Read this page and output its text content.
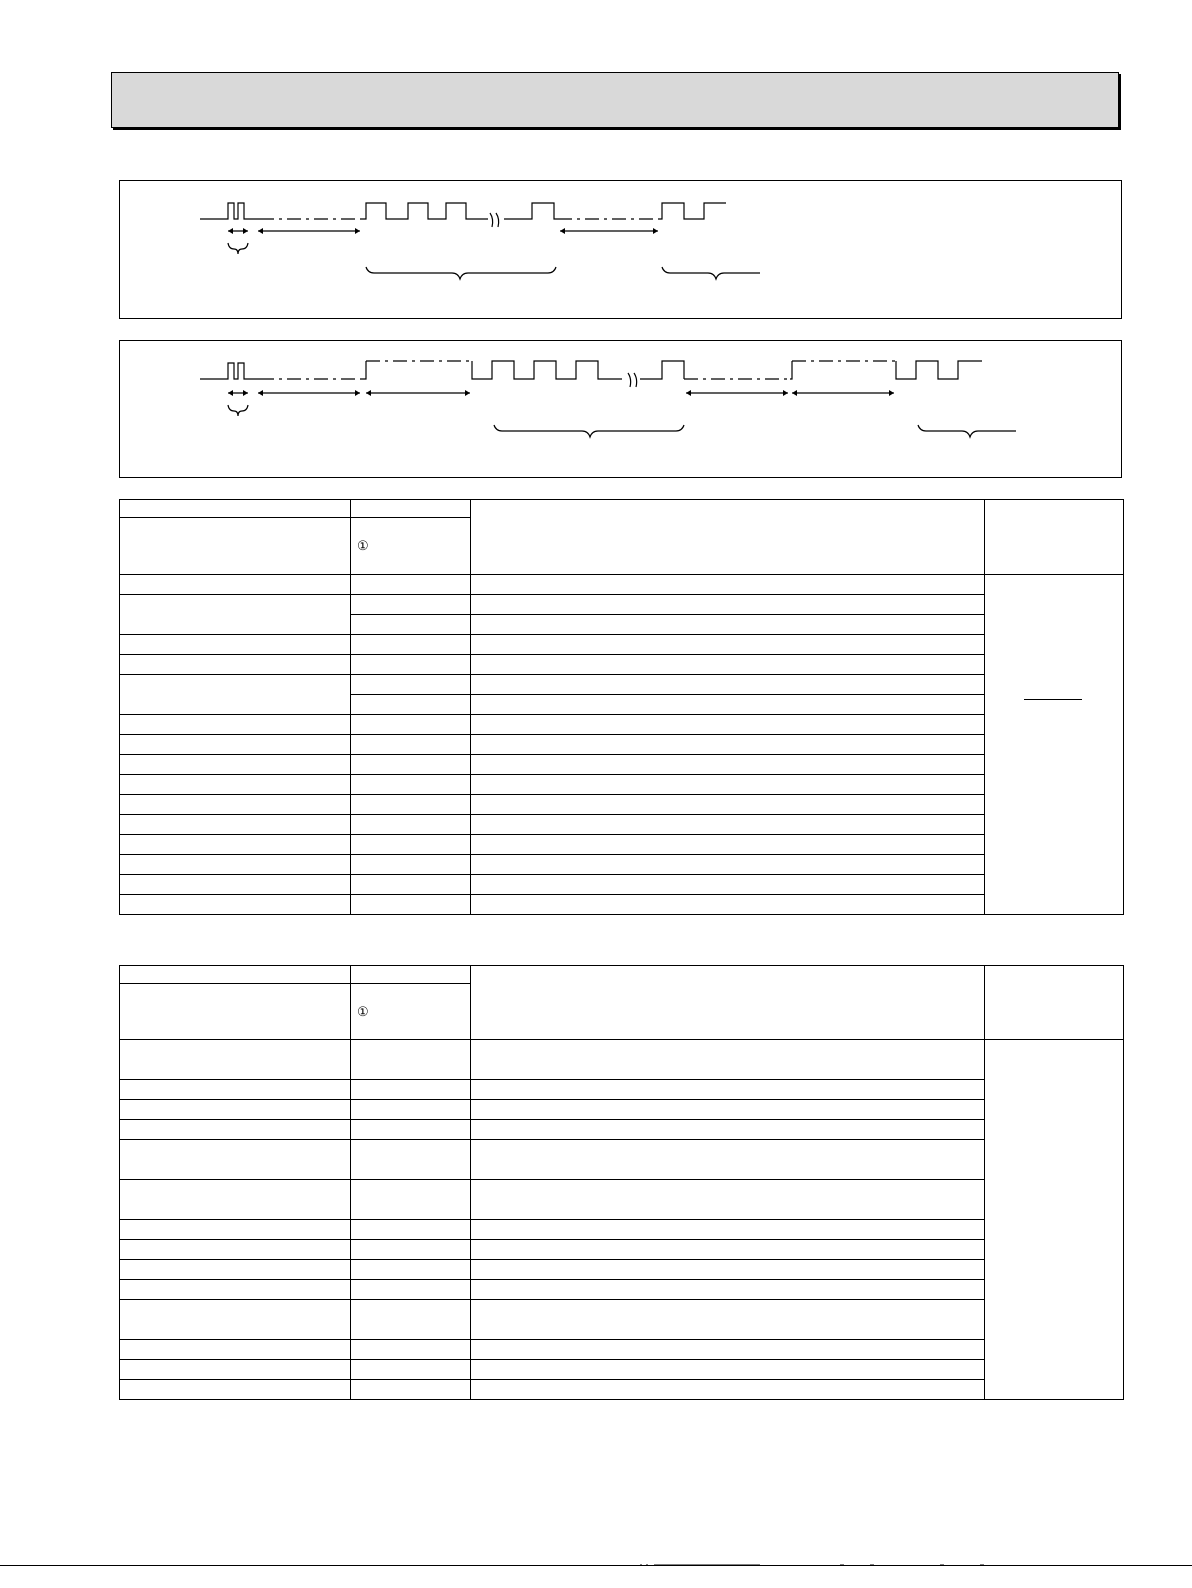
	①		

	①		
